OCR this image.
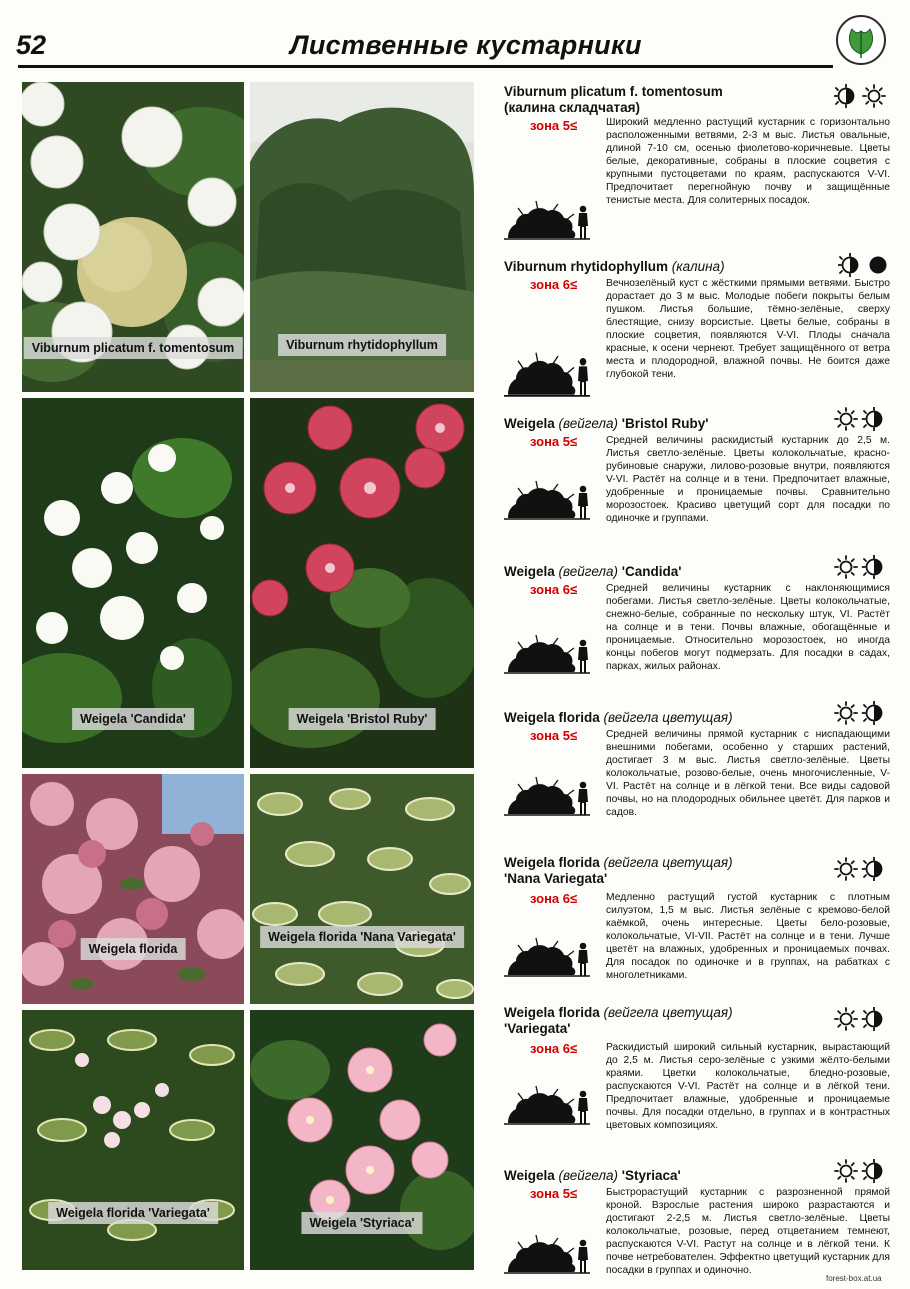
52	Лиственные кустарники
Viburnum plicatum f. tomentosum	Viburnum rhytidophyllum
Weigela 'Candida'	Weigela 'Bristol Ruby'
Weigela florida
Weigela florida 'Nana Variegata'
Weigela florida 'Variegata'
Weigela 'Styriaca'
Viburnum plicatum f. tomentosum
(калина складчатая)
зона 5≤	Широкий медленно растущий кустарник с горизонтально расположенными ветвями, 2-3 м выс. Листья овальные, длиной 7-10 см, осенью фиолетово-коричневые. Цветы белые, декоративные, собраны в плоские соцветия с крупными пустоцветами по краям, распускаются V-VI. Предпочитает перегнойную почву и защищённые тенистые места. Для солитерных посадок.
Viburnum rhytidophyllum (калина)
зона 6≤	Вечнозелёный куст с жёсткими прямыми ветвями. Быстро дорастает до 3 м выс. Молодые побеги покрыты белым пушком. Листья большие, тёмно-зелёные, сверху блестящие, снизу ворсистые. Цветы белые, собраны в плоские соцветия, появляются V-VI. Плоды сначала красные, к осени чернеют. Требует защищённого от ветра места и плодородной, влажной почвы. Не боится даже глубокой тени.
Weigela (вейгела) 'Bristol Ruby'
зона 5≤	Средней величины раскидистый кустарник до 2,5 м. Листья светло-зелёные. Цветы колокольчатые, красно-рубиновые снаружи, лилово-розовые внутри, появляются V-VI. Растёт на солнце и в тени. Предпочитает влажные, удобренные и проницаемые почвы. Сравнительно морозостоек. Красиво цветущий сорт для посадки по одиночке и группами.
Weigela (вейгела) 'Candida'
зона 6≤	Средней величины кустарник с наклоняющимися побегами. Листья светло-зелёные. Цветы колокольчатые, снежно-белые, собранные по нескольку штук, VI. Растёт на солнце и в тени. Почвы влажные, обогащённые и проницаемые. Относительно морозостоек, но иногда концы побегов могут подмерзать. Для посадки в садах, парках, жилых районах.
Weigela florida (вейгела цветущая)
зона 5≤	Средней величины прямой кустарник с ниспадающими внешними побегами, особенно у старших растений, достигает 3 м выс. Листья светло-зелёные. Цветы колокольчатые, розово-белые, очень многочисленные, V-VI. Растёт на солнце и в лёгкой тени. Все виды садовой почвы, но на плодородных обильнее цветёт. Для парков и садов.
Weigela florida (вейгела цветущая)
'Nana Variegata'
зона 6≤	Медленно растущий густой кустарник с плотным силуэтом, 1,5 м выс. Листья зелёные с кремово-белой каёмкой, очень интересные. Цветы бело-розовые, колокольчатые, VI-VII. Растёт на солнце и в тени. Лучше цветёт на влажных, удобренных и проницаемых почвах. Для посадок по одиночке и в группах, на рабатках с многолетниками.
Weigela florida (вейгела цветущая)
'Variegata'
зона 6≤	Раскидистый широкий сильный кустарник, вырастающий до 2,5 м. Листья серо-зелёные с узкими жёлто-белыми краями. Цветки колокольчатые, бледно-розовые, распускаются V-VI. Растёт на солнце и в лёгкой тени. Предпочитает влажные, удобренные и проницаемые почвы. Для посадки отдельно, в группах и в контрастных цветовых композициях.
Weigela (вейгела) 'Styriaca'
зона 5≤	Быстрорастущий кустарник с разрозненной прямой кроной. Взрослые растения широко разрастаются и достигают 2-2,5 м. Листья светло-зелёные. Цветы колокольчатые, розовые, перед отцветанием темнеют, распускаются V-VI. Растут на солнце и в лёгкой тени. К почве нетребователен. Эффектно цветущий кустарник для посадки в группах и одиночно.
forest-box.at.ua
